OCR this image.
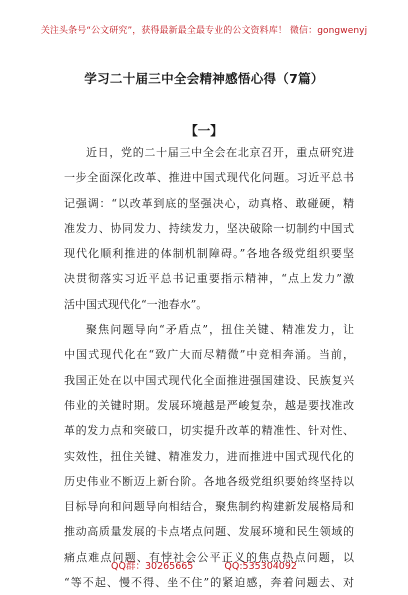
关注头条号“公文研究”，获得最新最全最专业的公文资料库！ 微信：gongwenyj
学习二十届三中全会精神感悟心得（7篇）
【一】
近日，党的二十届三中全会在北京召开，重点研究进
一步全面深化改革、推进中国式现代化问题。习近平总书
记强调：“以改革到底的坚强决心，动真格、敢碰硬，精
准发力、协同发力、持续发力，坚决破除一切制约中国式
现代化顺利推进的体制机制障碍。”各地各级党组织要坚
决贯彻落实习近平总书记重要指示精神，“点上发力”激
活中国式现代化“一池春水”。
聚焦问题导向“矛盾点”，扭住关键、精准发力，让
中国式现代化在“致广大而尽精微”中竞相奔涌。当前，
我国正处在以中国式现代化全面推进强国建设、民族复兴
伟业的关键时期。发展环境越是严峻复杂，越是要找准改
革的发力点和突破口，切实提升改革的精准性、针对性、
实效性，扭住关键、精准发力，进而推进中国式现代化的
历史伟业不断迈上新台阶。各地各级党组织要始终坚持以
目标导向和问题导向相结合，聚焦制约构建新发展格局和
推动高质量发展的卡点堵点问题、发展环境和民生领域的
痛点难点问题、有悖社会公平正义的焦点热点问题，以
“等不起、慢不得、坐不住”的紧迫感，奔着问题去、对
QQ群：30265665	QQ:535304092
